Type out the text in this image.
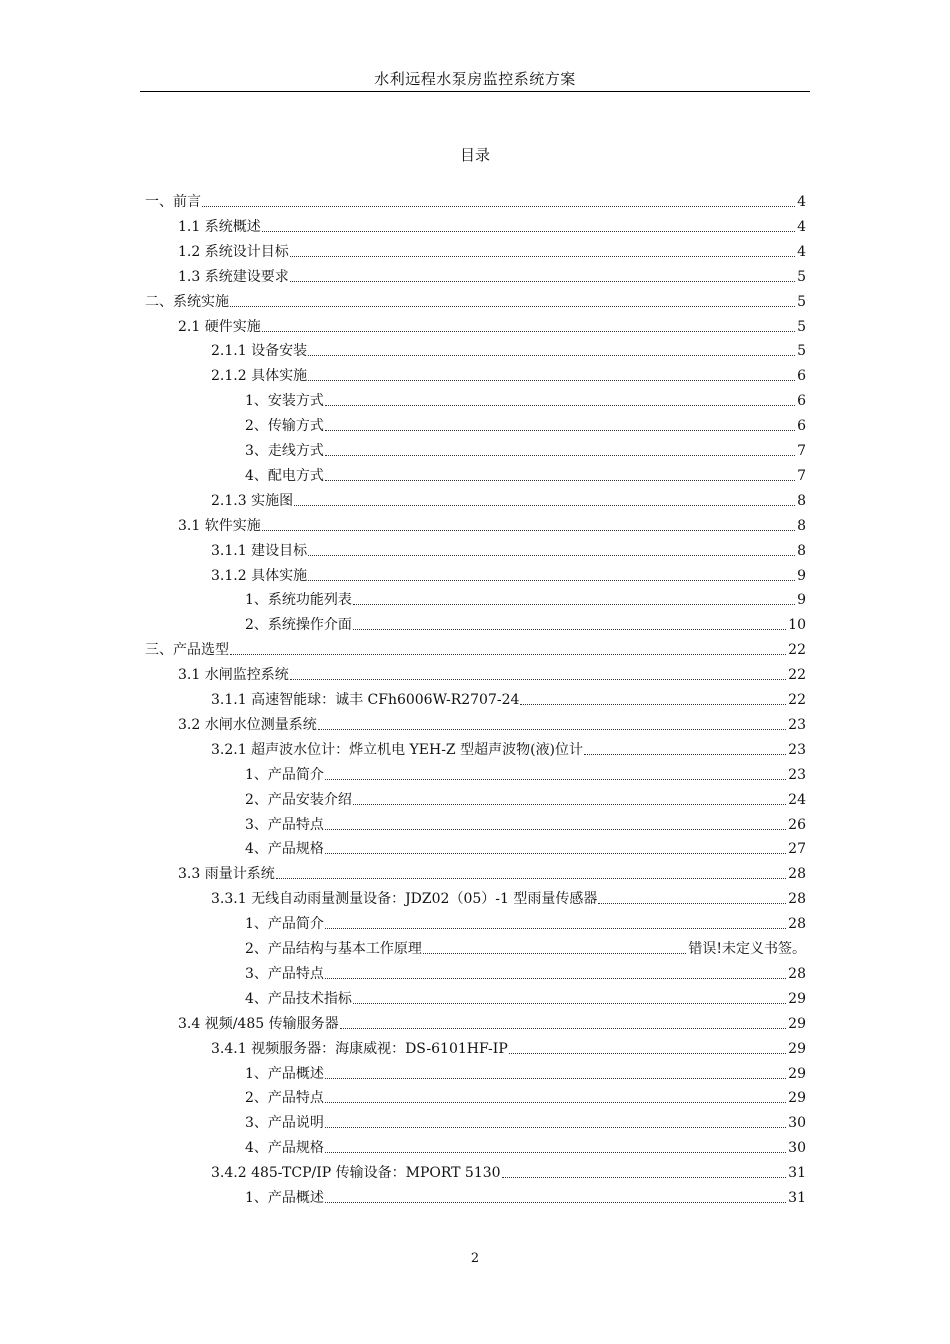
水利远程水泵房监控系统方案
目录
一、前言	4
1.1 系统概述	4
1.2 系统设计目标	4
1.3 系统建设要求	5
二、系统实施	5
2.1 硬件实施	5
2.1.1 设备安装	5
2.1.2 具体实施	6
1、安装方式	6
2、传输方式	6
3、走线方式	7
4、配电方式	7
2.1.3 实施图	8
3.1 软件实施	8
3.1.1 建设目标	8
3.1.2 具体实施	9
1、系统功能列表	9
2、系统操作介面	10
三、产品选型	22
3.1 水闸监控系统	22
3.1.1 高速智能球：诚丰 CFh6006W-R2707-24	22
3.2 水闸水位测量系统	23
3.2.1 超声波水位计：烨立机电 YEH-Z 型超声波物(液)位计	23
1、产品简介	23
2、产品安装介绍	24
3、产品特点	26
4、产品规格	27
3.3 雨量计系统	28
3.3.1 无线自动雨量测量设备：JDZ02（05）-1 型雨量传感器	28
1、产品简介	28
2、产品结构与基本工作原理	错误!未定义书签。
3、产品特点	28
4、产品技术指标	29
3.4 视频/485 传输服务器	29
3.4.1 视频服务器：海康威视：DS-6101HF-IP	29
1、产品概述	29
2、产品特点	29
3、产品说明	30
4、产品规格	30
3.4.2 485-TCP/IP 传输设备：MPORT 5130	31
1、产品概述	31
2
